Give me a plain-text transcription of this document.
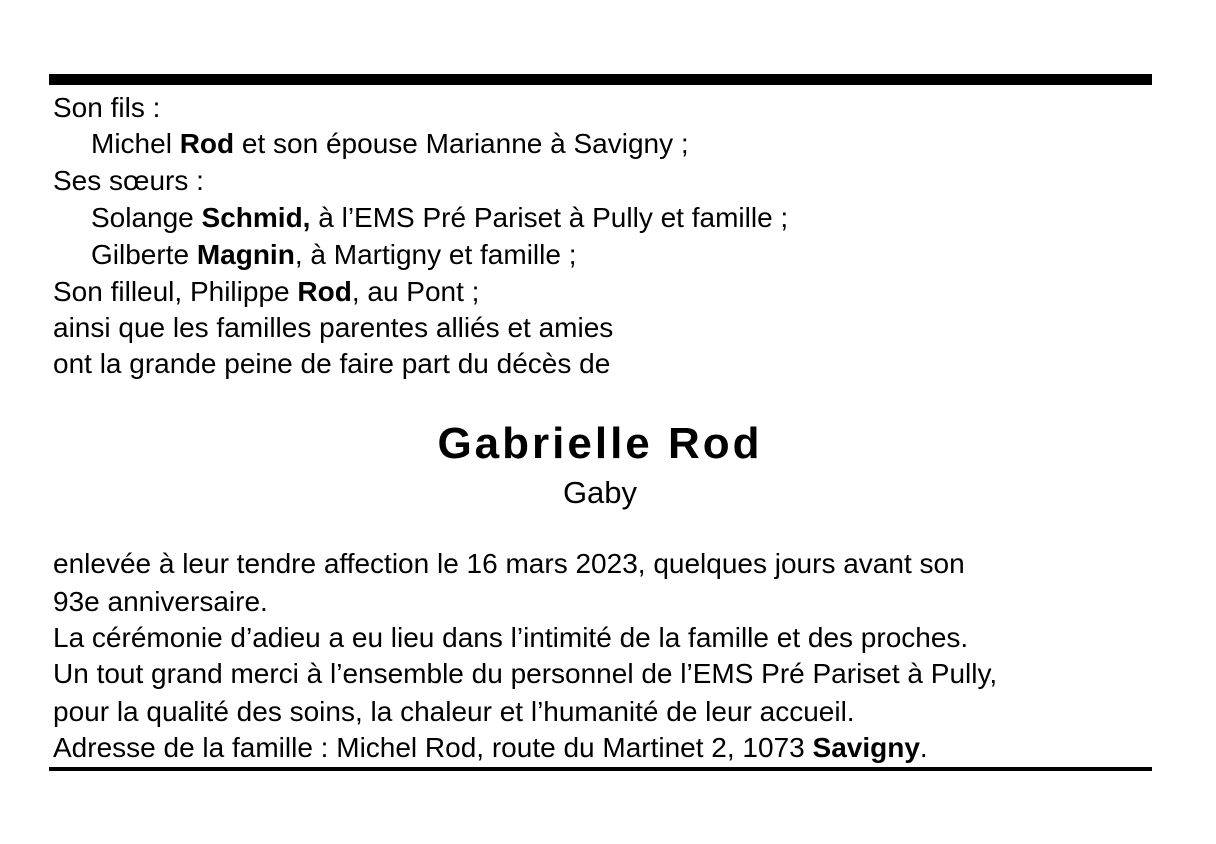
Son fils :
Michel Rod et son épouse Marianne à Savigny ;
Ses sœurs :
Solange Schmid, à l’EMS Pré Pariset à Pully et famille ;
Gilberte Magnin, à Martigny et famille ;
Son filleul, Philippe Rod, au Pont ;
ainsi que les familles parentes alliés et amies
ont la grande peine de faire part du décès de
Gabrielle Rod
Gaby
enlevée à leur tendre affection le 16 mars 2023, quelques jours avant son
93e anniversaire.
La cérémonie d’adieu a eu lieu dans l’intimité de la famille et des proches.
Un tout grand merci à l’ensemble du personnel de l’EMS Pré Pariset à Pully,
pour la qualité des soins, la chaleur et l’humanité de leur accueil.
Adresse de la famille : Michel Rod, route du Martinet 2, 1073 Savigny.
